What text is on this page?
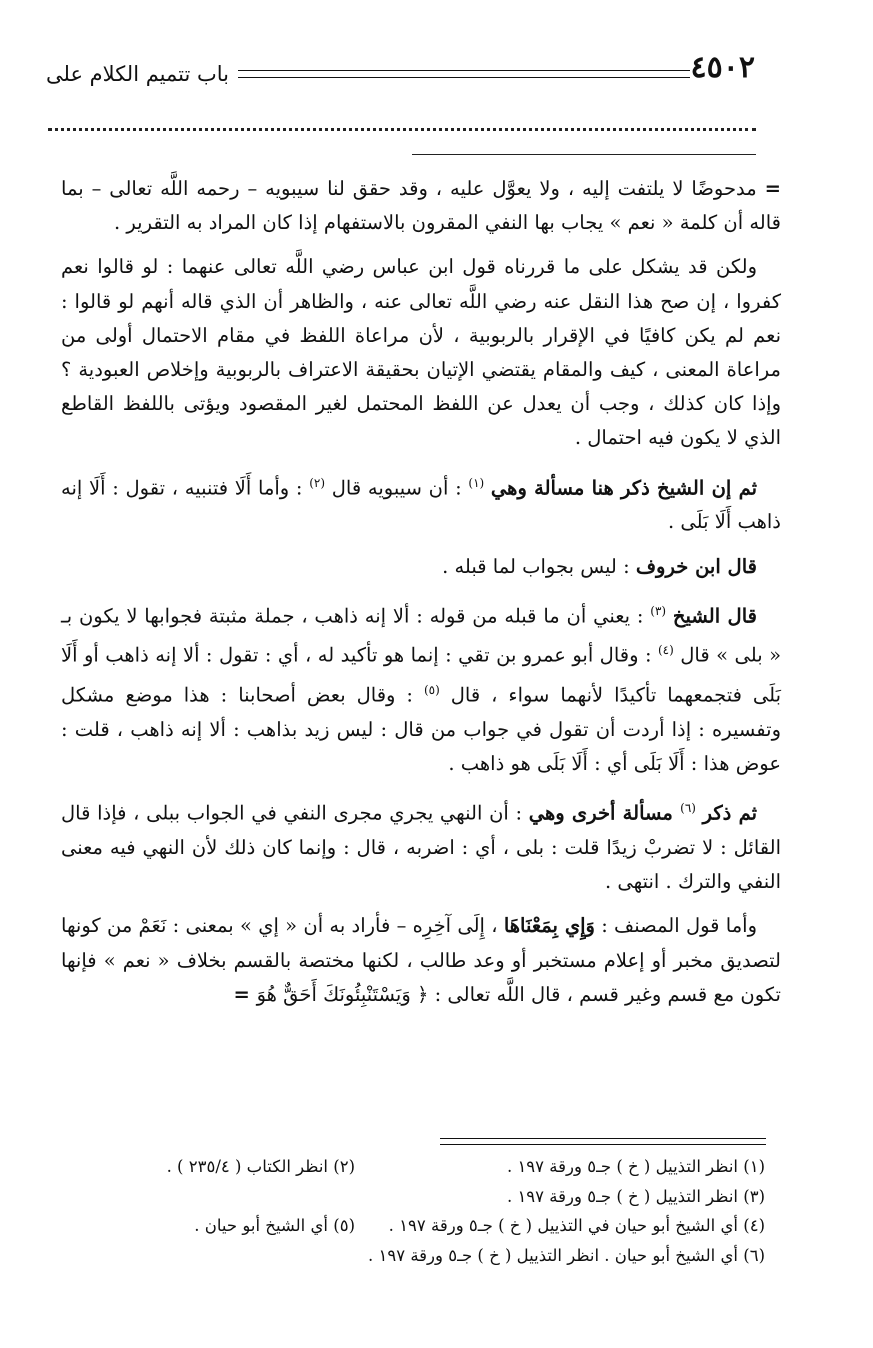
٤٥٠٢
باب تتميم الكلام على

= مدحوضًا لا يلتفت إليه ، ولا يعوَّل عليه ، وقد حقق لنا سيبويه – رحمه اللَّه تعالى – بما قاله أن كلمة « نعم » يجاب بها النفي المقرون بالاستفهام إذا كان المراد به التقرير .

ولكن قد يشكل على ما قررناه قول ابن عباس رضي اللَّه تعالى عنهما : لو قالوا نعم كفروا ، إن صح هذا النقل عنه رضي اللَّه تعالى عنه ، والظاهر أن الذي قاله أنهم لو قالوا : نعم لم يكن كافيًا في الإقرار بالربوبية ، لأن مراعاة اللفظ في مقام الاحتمال أولى من مراعاة المعنى ، كيف والمقام يقتضي الإتيان بحقيقة الاعتراف بالربوبية وإخلاص العبودية ؟ وإذا كان كذلك ، وجب أن يعدل عن اللفظ المحتمل لغير المقصود ويؤتى باللفظ القاطع الذي لا يكون فيه احتمال .

ثم إن الشيخ ذكر هنا مسألة وهي $^{(١)}$ : أن سيبويه قال $^{(٢)}$ : وأما أَلَا فتنبيه ، تقول : أَلَا إنه ذاهب أَلَا بَلَى .

قال ابن خروف : ليس بجواب لما قبله .

قال الشيخ $^{(٣)}$ : يعني أن ما قبله من قوله : ألا إنه ذاهب ، جملة مثبتة فجوابها لا يكون بـ « بلى » قال $^{(٤)}$ : وقال أبو عمرو بن تقي : إنما هو تأكيد له ، أي : تقول : ألا إنه ذاهب أو أَلَا بَلَى فتجمعهما تأكيدًا لأنهما سواء ، قال $^{(٥)}$ : وقال بعض أصحابنا : هذا موضع مشكل وتفسيره : إذا أردت أن تقول في جواب من قال : ليس زيد بذاهب : ألا إنه ذاهب ، قلت : عوض هذا : أَلَا بَلَى أي : أَلَا بَلَى هو ذاهب .

ثم ذكر $^{(٦)}$ مسألة أخرى وهي : أن النهي يجري مجرى النفي في الجواب ببلى ، فإذا قال القائل : لا تضربْ زيدًا قلت : بلى ، أي : اضربه ، قال : وإنما كان ذلك لأن النهي فيه معنى النفي والترك . انتهى .

وأما قول المصنف : وَإِي بِمَعْنَاهَا ، إِلَى آخِرِه – فأراد به أن « إي » بمعنى : نَعَمْ من كونها لتصديق مخبر أو إعلام مستخبر أو وعد طالب ، لكنها مختصة بالقسم بخلاف « نعم » فإنها تكون مع قسم وغير قسم ، قال اللَّه تعالى : ﴿ وَيَسْتَنْبِئُونَكَ أَحَقٌّ هُوَ =

(١) انظر التذييل ( خ ) جـ٥ ورقة ١٩٧ .
(٢) انظر الكتاب ( ٢٣٥/٤ ) .
(٣) انظر التذييل ( خ ) جـ٥ ورقة ١٩٧ .
(٤) أي الشيخ أبو حيان في التذييل ( خ ) جـ٥ ورقة ١٩٧ .
(٥) أي الشيخ أبو حيان .
(٦) أي الشيخ أبو حيان . انظر التذييل ( خ ) جـ٥ ورقة ١٩٧ .
